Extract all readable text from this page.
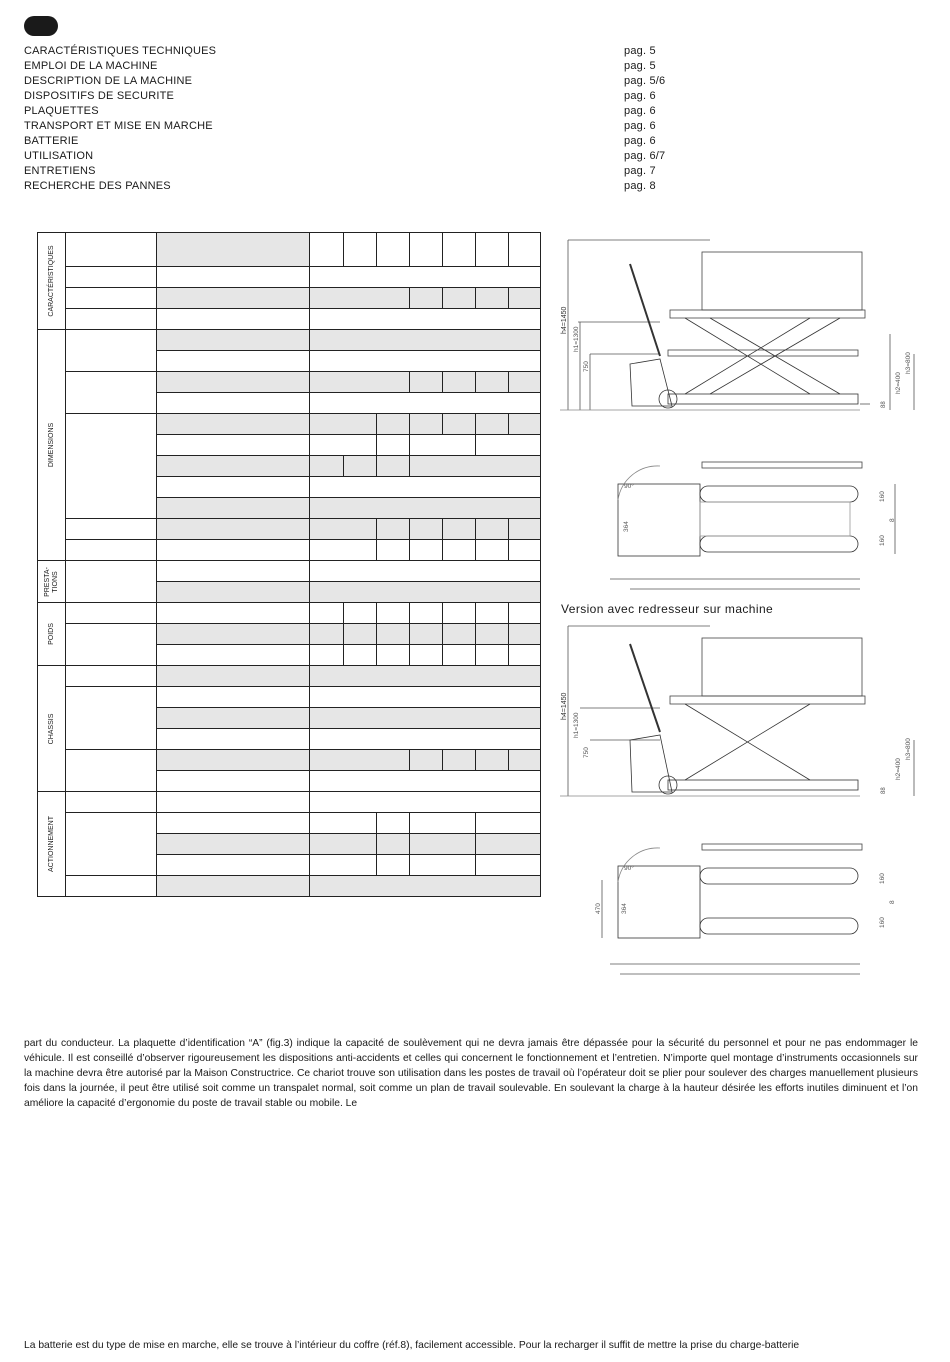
CARACTÉRISTIQUES TECHNIQUES	pag. 5
EMPLOI DE LA MACHINE	pag. 5
DESCRIPTION DE LA MACHINE	pag. 5/6
DISPOSITIFS DE SECURITE	pag. 6
PLAQUETTES	pag. 6
TRANSPORT ET MISE EN MARCHE	pag. 6
BATTERIE	pag. 6
UTILISATION	pag. 6/7
ENTRETIENS	pag. 7
RECHERCHE DES PANNES	pag. 8
CARACTÉRISTIQUES									

DIMENSIONS									

PRESTA-
TIONS									

POIDS									

CHASSIS									

ACTIONNEMENT									

h4=1450
h1=1300
750
h2=400
h3=800
88
90°
364
160
160
8
Version avec redresseur sur machine
h4=1450
h1=1300
750
h2=400
h3=800
88
90°
470	364
160
160
8

part du conducteur. La plaquette d’identification “A” (fig.3) indique la capacité de soulèvement qui ne devra jamais être dépassée pour la sécurité du personnel et pour ne pas endommager le véhicule. Il est conseillé d’observer rigoureusement les dispositions anti-accidents et celles qui concernent le fonctionnement et l’entretien. N’importe quel montage d’instruments occasionnels sur la machine devra être autorisé par la Maison Constructrice. Ce chariot trouve son utilisation dans les postes de travail où l’opérateur doit se plier pour soulever des charges manuellement plusieurs fois dans la journée, il peut être utilisé soit comme un transpalet normal, soit comme un plan de travail soulevable. En soulevant la charge à la hauteur désirée les efforts inutiles diminuent et l’on améliore la capacité d’ergonomie du poste de travail stable ou mobile. Le

La batterie est du type de mise en marche, elle se trouve à l’intérieur du coffre (réf.8), facilement accessible. Pour la recharger il suffit de mettre la prise du charge-batterie
